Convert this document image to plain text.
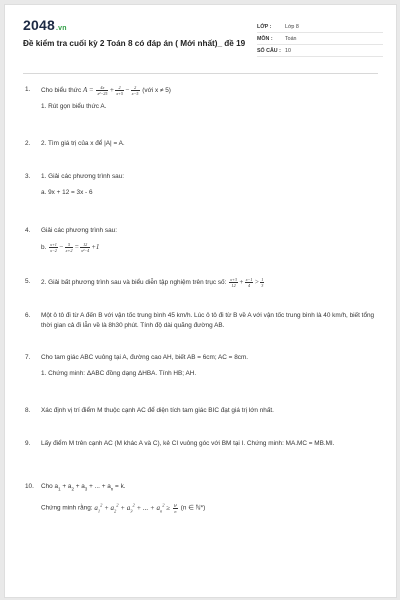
2048.vn
Đề kiểm tra cuối kỳ 2 Toán 8 có đáp án ( Mới nhất)_ đề 19
LỚP :	Lớp 8
MÔN :	Toán
SỐ CÂU : 10
1.	Cho biểu thức $A = \frac{4x}{\text{x²−25}} + \frac{2}{x+5} - \frac{2}{x-5}$ (với x ≠ 5)
1. Rút gọn biểu thức A.
2.	2. Tìm giá trị của x để |A| = A.
3.	1. Giải các phương trình sau:
a. 9x + 12 = 3x - 6
4.	Giải các phương trình sau:
b. $\frac{x+1}{x-2} - \frac{5}{x+2} = \frac{12}{\text{x²−4}} +1$
5.	2. Giải bất phương trình sau và biểu diễn tập nghiệm trên trục số: $\frac{x+3}{12} + \frac{x-1}{4} > \frac{1}{3}$
6.	Một ô tô đi từ A đến B với vận tốc trung bình 45 km/h. Lúc ô tô đi từ B về A với vận tốc trung bình là 40 km/h, biết tổng thời gian cả đi lẫn về là 8h30 phút. Tính độ dài quãng đường AB.
7.	Cho tam giác ABC vuông tại A, đường cao AH, biết AB = 6cm; AC = 8cm.
1. Chứng minh: ΔABC đồng dạng ΔHBA. Tính HB; AH.
8.	Xác định vị trí điểm M thuộc cạnh AC để diện tích tam giác BIC đạt giá trị lớn nhất.
9.	Lấy điểm M trên cạnh AC (M khác A và C), kẻ CI vuông góc với BM tại I. Chứng minh: MA.MC = MB.MI.
10.	Cho $a_1 + a_2 + a_3$ + ... + $a_n = k$.
Chứng minh rằng: $a_1^2 + a_2^2 + a_3^2$ + ... + $a_n^2 \ge \frac{\text{k²}}{n} (n$ ∈ ℕ*)
